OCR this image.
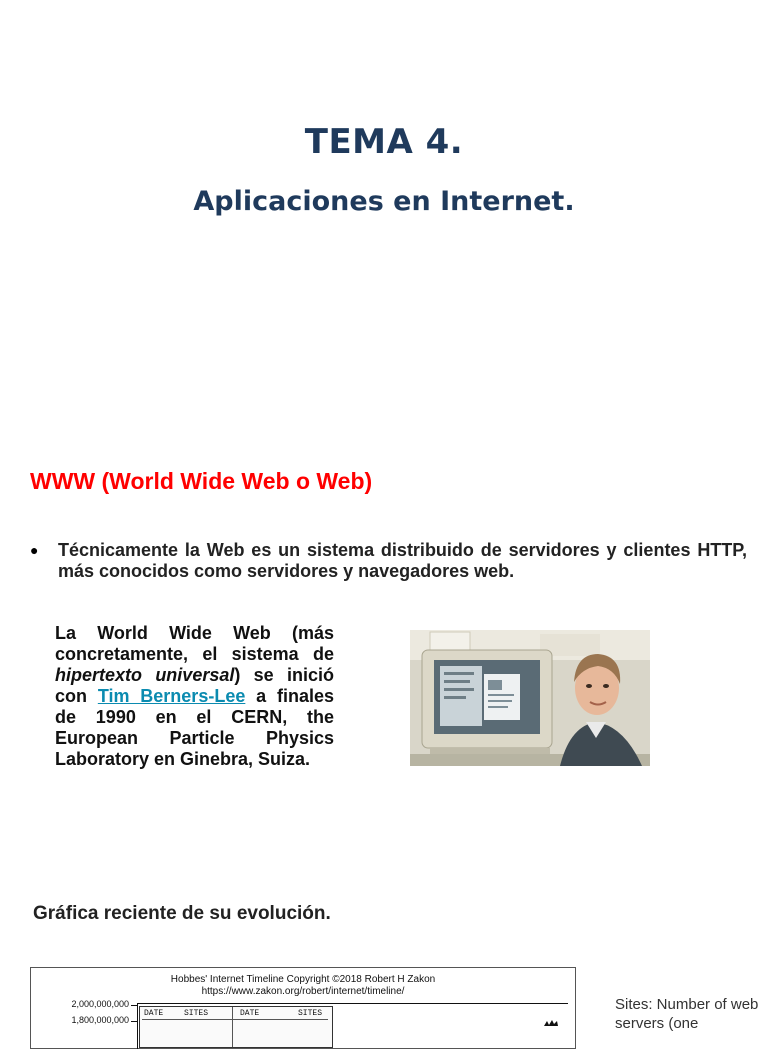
TEMA 4.
Aplicaciones en Internet.
WWW (World Wide Web o Web)
●	Técnicamente la Web es un sistema distribuido de servidores y clientes HTTP, más conocidos como servidores y navegadores web.
La World Wide Web (más concretamente, el sistema de hipertexto universal) se inició con Tim Berners-Lee a finales de 1990 en el CERN, the European Particle Physics Laboratory en Ginebra, Suiza.
Gráfica reciente de su evolución.
Hobbes' Internet Timeline Copyright ©2018 Robert H Zakon
https://www.zakon.org/robert/internet/timeline/
2,000,000,000
1,800,000,000
DATE	SITES	DATE	SITES
Sites: Number of web servers (one
